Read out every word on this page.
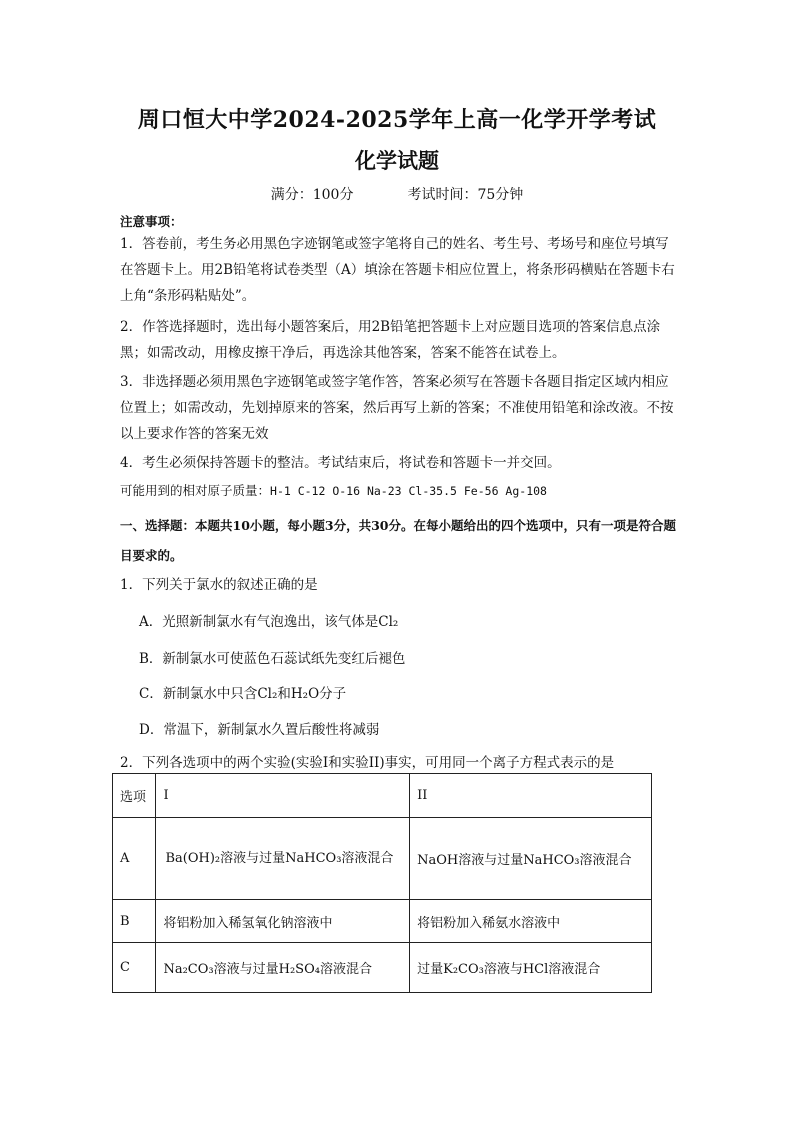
周口恒大中学2024-2025学年上高一化学开学考试
化学试题
满分：100分	考试时间：75分钟
注意事项：
1．答卷前，考生务必用黑色字迹钢笔或签字笔将自己的姓名、考生号、考场号和座位号填写在答题卡上。用2B铅笔将试卷类型（A）填涂在答题卡相应位置上，将条形码横贴在答题卡右上角“条形码粘贴处”。
2．作答选择题时，选出每小题答案后，用2B铅笔把答题卡上对应题目选项的答案信息点涂黑；如需改动，用橡皮擦干净后，再选涂其他答案，答案不能答在试卷上。
3．非选择题必须用黑色字迹钢笔或签字笔作答，答案必须写在答题卡各题目指定区域内相应位置上；如需改动，先划掉原来的答案，然后再写上新的答案；不准使用铅笔和涂改液。不按以上要求作答的答案无效
4．考生必须保持答题卡的整洁。考试结束后，将试卷和答题卡一并交回。
可能用到的相对原子质量：H-1 C-12 O-16 Na-23 Cl-35.5 Fe-56 Ag-108
一、选择题：本题共10小题，每小题3分，共30分。在每小题给出的四个选项中，只有一项是符合题目要求的。
1．下列关于氯水的叙述正确的是
A．光照新制氯水有气泡逸出，该气体是Cl₂
B．新制氯水可使蓝色石蕊试纸先变红后褪色
C．新制氯水中只含Cl₂和H₂O分子
D．常温下，新制氯水久置后酸性将减弱
2．下列各选项中的两个实验(实验I和实验II)事实，可用同一个离子方程式表示的是
选项	I	II
A	Ba(OH)₂溶液与过量NaHCO₃溶液混合	NaOH溶液与过量NaHCO₃溶液混合
B	将铝粉加入稀氢氧化钠溶液中	将铝粉加入稀氨水溶液中
C	Na₂CO₃溶液与过量H₂SO₄溶液混合	过量K₂CO₃溶液与HCl溶液混合
